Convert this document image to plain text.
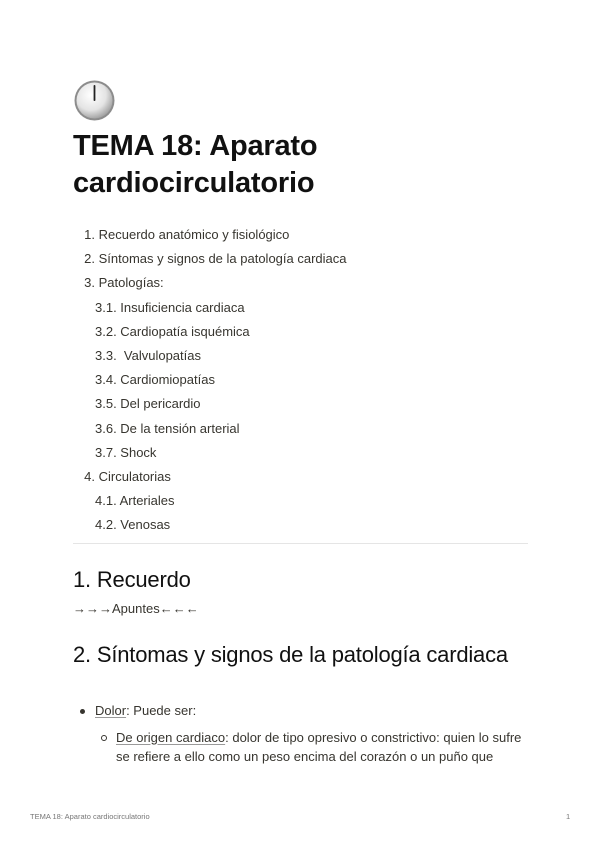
TEMA 18: Aparato cardiocirculatorio
1. Recuerdo anatómico y fisiológico
2. Síntomas y signos de la patología cardiaca
3. Patologías:
3.1. Insuficiencia cardiaca
3.2. Cardiopatía isquémica
3.3.  Valvulopatías
3.4. Cardiomiopatías
3.5. Del pericardio
3.6. De la tensión arterial
3.7. Shock
4. Circulatorias
4.1. Arteriales
4.2. Venosas
1. Recuerdo
→→→Apuntes←←←
2. Síntomas y signos de la patología cardiaca
Dolor: Puede ser:
De origen cardiaco: dolor de tipo opresivo o constrictivo: quien lo sufre se refiere a ello como un peso encima del corazón o un puño que
TEMA 18: Aparato cardiocirculatorio	1
